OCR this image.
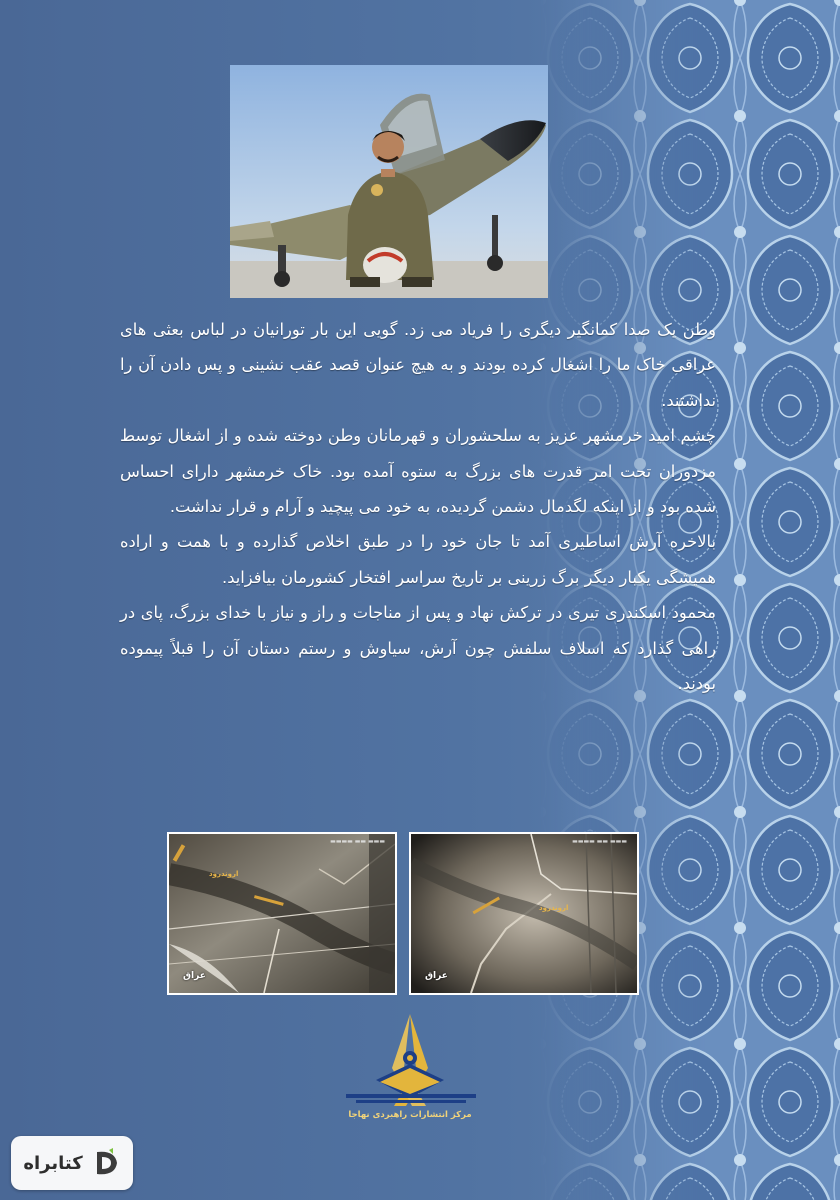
وطن یک صدا کمانگیر دیگری را فریاد می زد. گویی این بار تورانیان در لباس بعثی های عراقی خاک ما را اشغال کرده بودند و به هیچ عنوان قصد عقب نشینی و پس دادن آن را نداشتند.

چشم امید خرمشهر عزیز به سلحشوران و قهرمانان وطن دوخته شده و از اشغال توسط مزدوران تحت امر قدرت های بزرگ به ستوه آمده بود. خاک خرمشهر دارای احساس شده بود و از اینکه لگدمال دشمن گردیده، به خود می پیچید و آرام و قرار نداشت.

بالاخره آرش اساطیری آمد تا جان خود را در طبق اخلاص گذارده و با همت و اراده همیشگی یکبار دیگر برگ زرینی بر تاریخ سراسر افتخار کشورمان بیافزاید.

محمود اسکندری تیری در ترکش نهاد و پس از مناجات و راز و نیاز با خدای بزرگ، پای در راهی گذارد که اسلاف سلفش چون آرش، سیاوش و رستم دستان آن را قبلاً پیموده بودند.

▬▬▬▬ ▬▬ ▬▬▬
اروندرود
عراق
▬▬▬▬ ▬▬ ▬▬▬
اروندرود
عراق
مرکز انتشارات راهبردی نهاجا
کتابراه
